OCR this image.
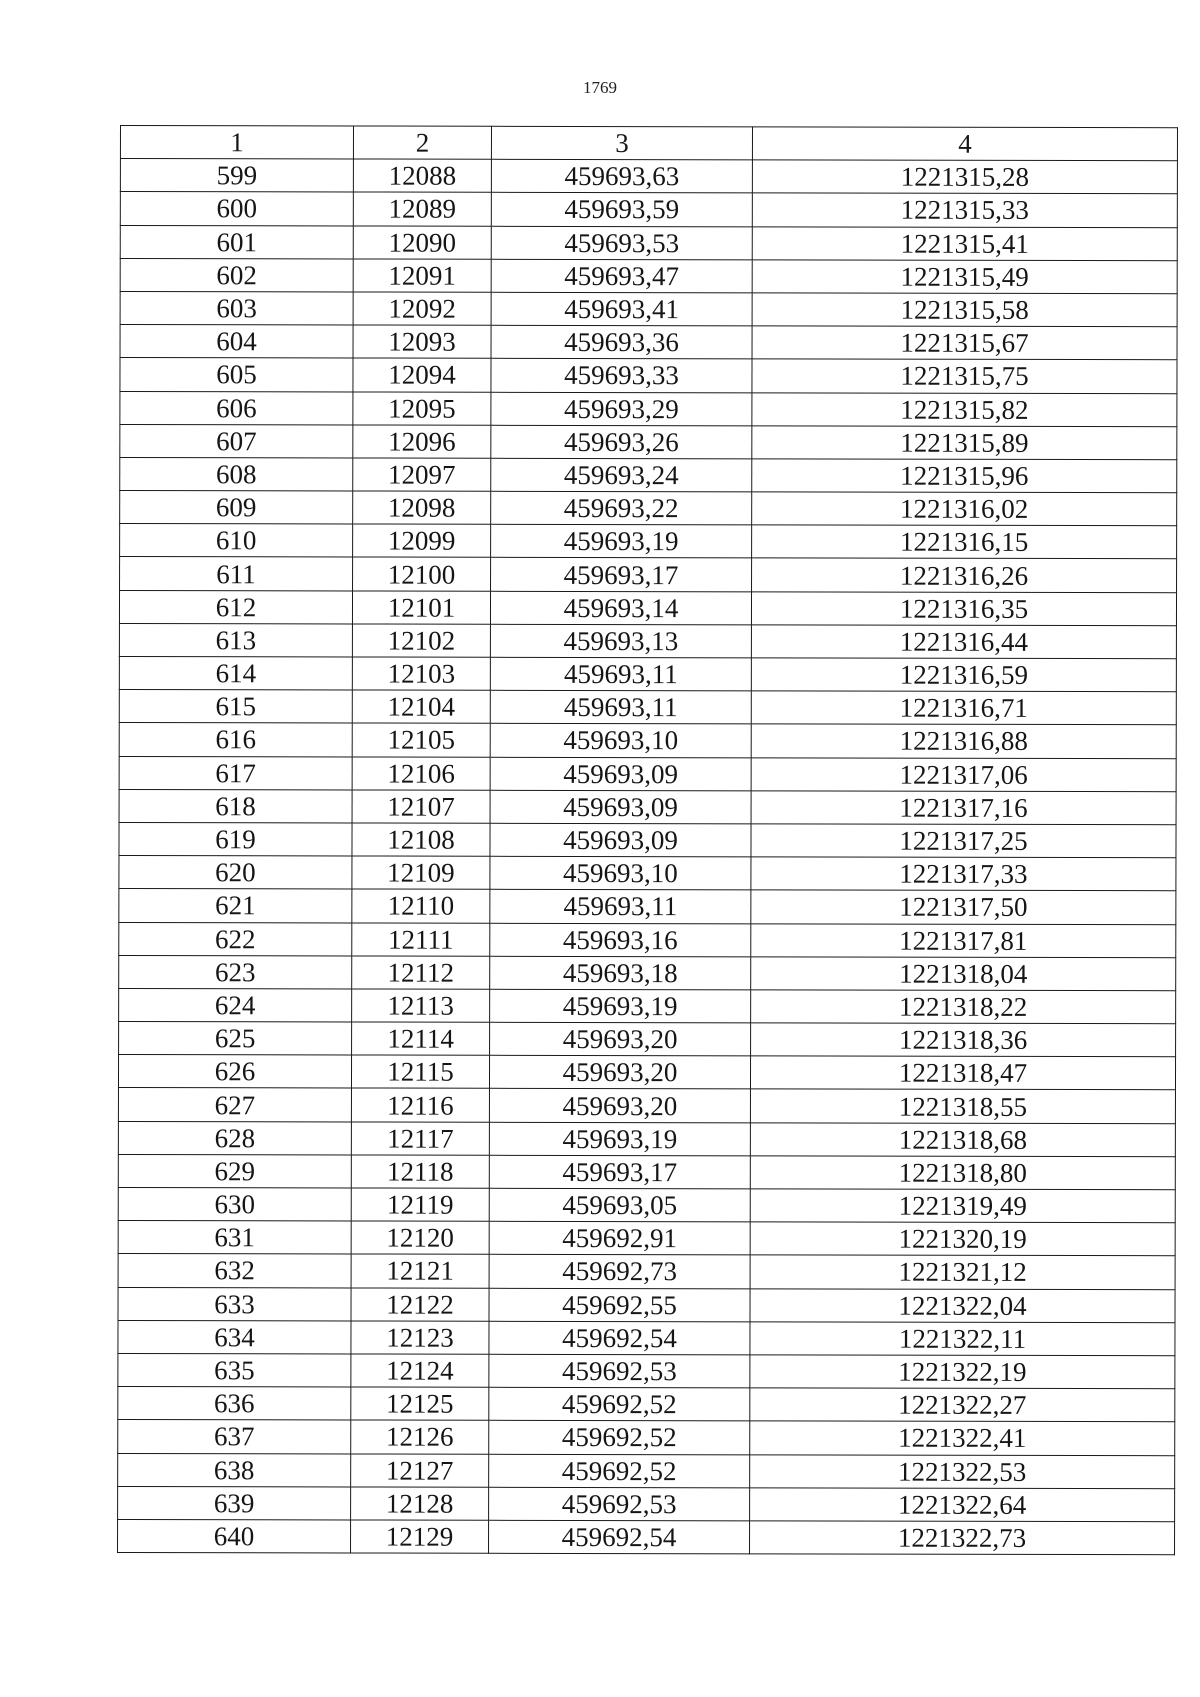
1769
1	2	3	4
599	12088	459693,63	1221315,28
600	12089	459693,59	1221315,33
601	12090	459693,53	1221315,41
602	12091	459693,47	1221315,49
603	12092	459693,41	1221315,58
604	12093	459693,36	1221315,67
605	12094	459693,33	1221315,75
606	12095	459693,29	1221315,82
607	12096	459693,26	1221315,89
608	12097	459693,24	1221315,96
609	12098	459693,22	1221316,02
610	12099	459693,19	1221316,15
611	12100	459693,17	1221316,26
612	12101	459693,14	1221316,35
613	12102	459693,13	1221316,44
614	12103	459693,11	1221316,59
615	12104	459693,11	1221316,71
616	12105	459693,10	1221316,88
617	12106	459693,09	1221317,06
618	12107	459693,09	1221317,16
619	12108	459693,09	1221317,25
620	12109	459693,10	1221317,33
621	12110	459693,11	1221317,50
622	12111	459693,16	1221317,81
623	12112	459693,18	1221318,04
624	12113	459693,19	1221318,22
625	12114	459693,20	1221318,36
626	12115	459693,20	1221318,47
627	12116	459693,20	1221318,55
628	12117	459693,19	1221318,68
629	12118	459693,17	1221318,80
630	12119	459693,05	1221319,49
631	12120	459692,91	1221320,19
632	12121	459692,73	1221321,12
633	12122	459692,55	1221322,04
634	12123	459692,54	1221322,11
635	12124	459692,53	1221322,19
636	12125	459692,52	1221322,27
637	12126	459692,52	1221322,41
638	12127	459692,52	1221322,53
639	12128	459692,53	1221322,64
640	12129	459692,54	1221322,73
